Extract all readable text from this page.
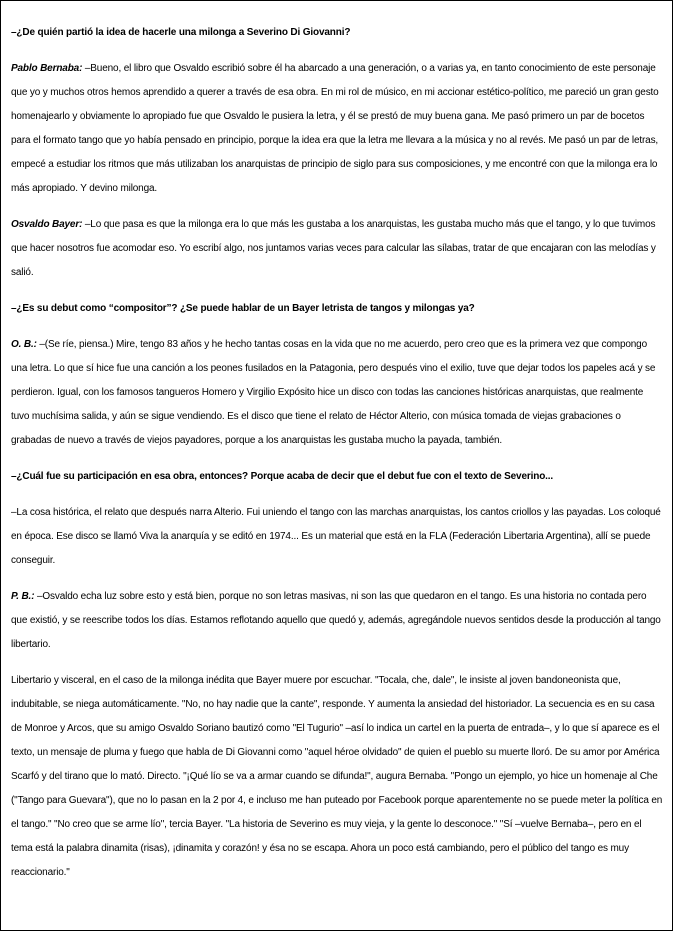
–¿De quién partió la idea de hacerle una milonga a Severino Di Giovanni?

Pablo Bernaba: –Bueno, el libro que Osvaldo escribió sobre él ha abarcado a una generación, o a varias ya, en tanto conocimiento de este personaje que yo y muchos otros hemos aprendido a querer a través de esa obra. En mi rol de músico, en mi accionar estético-político, me pareció un gran gesto homenajearlo y obviamente lo apropiado fue que Osvaldo le pusiera la letra, y él se prestó de muy buena gana. Me pasó primero un par de bocetos para el formato tango que yo había pensado en principio, porque la idea era que la letra me llevara a la música y no al revés. Me pasó un par de letras, empecé a estudiar los ritmos que más utilizaban los anarquistas de principio de siglo para sus composiciones, y me encontré con que la milonga era lo más apropiado. Y devino milonga.

Osvaldo Bayer: –Lo que pasa es que la milonga era lo que más les gustaba a los anarquistas, les gustaba mucho más que el tango, y lo que tuvimos que hacer nosotros fue acomodar eso. Yo escribí algo, nos juntamos varias veces para calcular las sílabas, tratar de que encajaran con las melodías y salió.

–¿Es su debut como “compositor”? ¿Se puede hablar de un Bayer letrista de tangos y milongas ya?

O. B.: –(Se ríe, piensa.) Mire, tengo 83 años y he hecho tantas cosas en la vida que no me acuerdo, pero creo que es la primera vez que compongo una letra. Lo que sí hice fue una canción a los peones fusilados en la Patagonia, pero después vino el exilio, tuve que dejar todos los papeles acá y se perdieron. Igual, con los famosos tangueros Homero y Virgilio Expósito hice un disco con todas las canciones históricas anarquistas, que realmente tuvo muchísima salida, y aún se sigue vendiendo. Es el disco que tiene el relato de Héctor Alterio, con música tomada de viejas grabaciones o grabadas de nuevo a través de viejos payadores, porque a los anarquistas les gustaba mucho la payada, también.

–¿Cuál fue su participación en esa obra, entonces? Porque acaba de decir que el debut fue con el texto de Severino...

–La cosa histórica, el relato que después narra Alterio. Fui uniendo el tango con las marchas anarquistas, los cantos criollos y las payadas. Los coloqué en época. Ese disco se llamó Viva la anarquía y se editó en 1974... Es un material que está en la FLA (Federación Libertaria Argentina), allí se puede conseguir.

P. B.: –Osvaldo echa luz sobre esto y está bien, porque no son letras masivas, ni son las que quedaron en el tango. Es una historia no contada pero que existió, y se reescribe todos los días. Estamos reflotando aquello que quedó y, además, agregándole nuevos sentidos desde la producción al tango libertario.

Libertario y visceral, en el caso de la milonga inédita que Bayer muere por escuchar. "Tocala, che, dale", le insiste al joven bandoneonista que, indubitable, se niega automáticamente. "No, no hay nadie que la cante", responde. Y aumenta la ansiedad del historiador. La secuencia es en su casa de Monroe y Arcos, que su amigo Osvaldo Soriano bautizó como "El Tugurio" –así lo indica un cartel en la puerta de entrada–, y lo que sí aparece es el texto, un mensaje de pluma y fuego que habla de Di Giovanni como "aquel héroe olvidado" de quien el pueblo su muerte lloró. De su amor por América Scarfó y del tirano que lo mató. Directo. "¡Qué lío se va a armar cuando se difunda!", augura Bernaba. "Pongo un ejemplo, yo hice un homenaje al Che ("Tango para Guevara"), que no lo pasan en la 2 por 4, e incluso me han puteado por Facebook porque aparentemente no se puede meter la política en el tango." "No creo que se arme lío", tercia Bayer. "La historia de Severino es muy vieja, y la gente lo desconoce." "Sí –vuelve Bernaba–, pero en el tema está la palabra dinamita (risas), ¡dinamita y corazón! y ésa no se escapa. Ahora un poco está cambiando, pero el público del tango es muy reaccionario."
